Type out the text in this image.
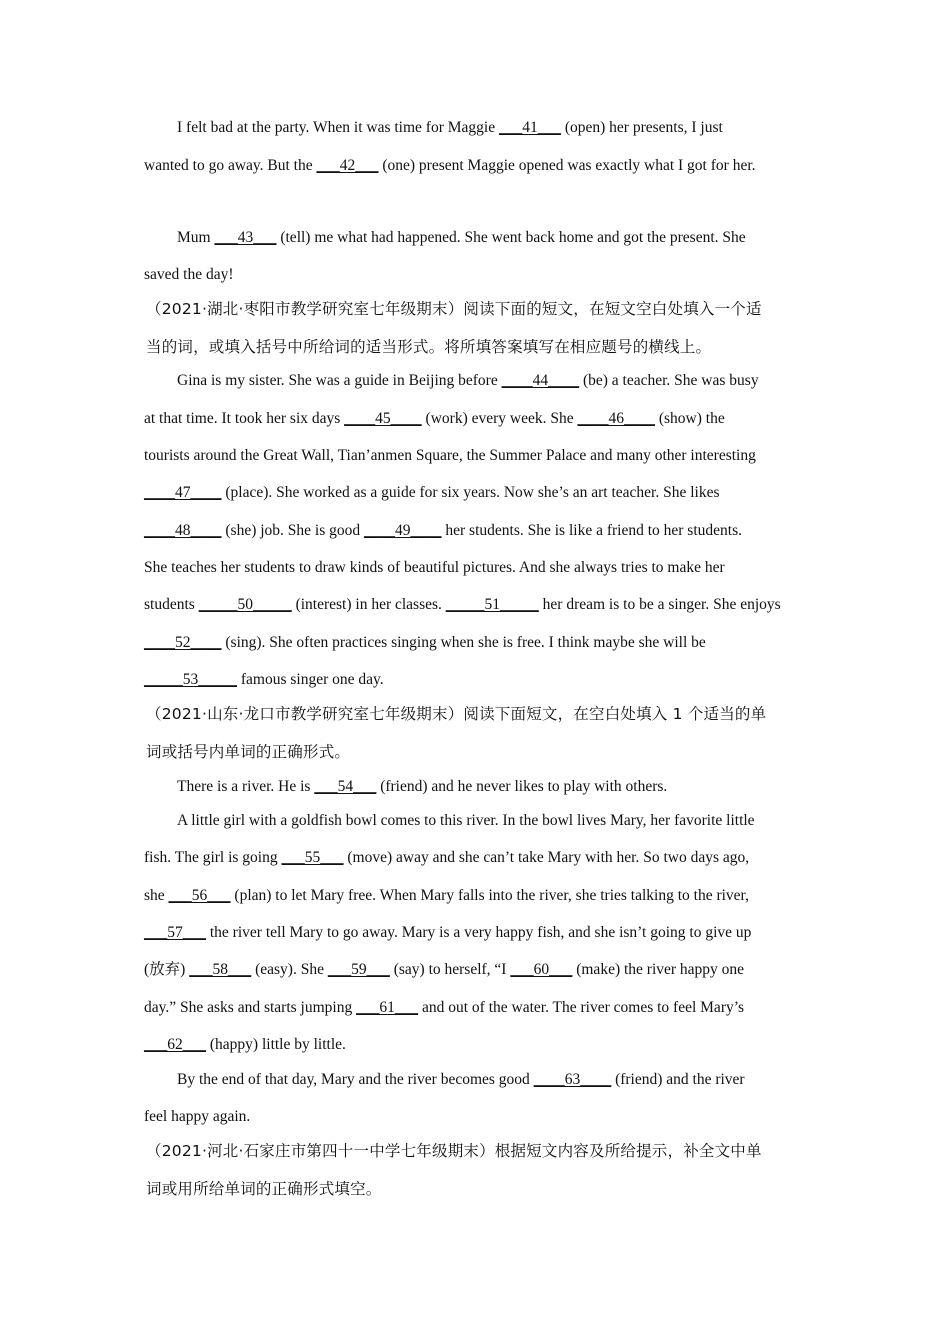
I felt bad at the party. When it was time for Maggie ___41___ (open) her presents, I just
wanted to go away. But the ___42___ (one) present Maggie opened was exactly what I got for her.
Mum ___43___ (tell) me what had happened. She went back home and got the present. She
saved the day!
（2021·湖北·枣阳市教学研究室七年级期末）阅读下面的短文，在短文空白处填入一个适
当的词，或填入括号中所给词的适当形式。将所填答案填写在相应题号的横线上。
Gina is my sister. She was a guide in Beijing before ____44____ (be) a teacher. She was busy
at that time. It took her six days ____45____ (work) every week. She ____46____ (show) the
tourists around the Great Wall, Tian’anmen Square, the Summer Palace and many other interesting
____47____ (place). She worked as a guide for six years. Now she’s an art teacher. She likes
____48____ (she) job. She is good ____49____ her students. She is like a friend to her students.
She teaches her students to draw kinds of beautiful pictures. And she always tries to make her
students _____50_____ (interest) in her classes. _____51_____ her dream is to be a singer. She enjoys
____52____ (sing). She often practices singing when she is free. I think maybe she will be
_____53_____ famous singer one day.
（2021·山东·龙口市教学研究室七年级期末）阅读下面短文，在空白处填入 1 个适当的单
词或括号内单词的正确形式。
There is a river. He is ___54___ (friend) and he never likes to play with others.
A little girl with a goldfish bowl comes to this river. In the bowl lives Mary, her favorite little
fish. The girl is going ___55___ (move) away and she can’t take Mary with her. So two days ago,
she ___56___ (plan) to let Mary free. When Mary falls into the river, she tries talking to the river,
___57___ the river tell Mary to go away. Mary is a very happy fish, and she isn’t going to give up
(放弃) ___58___ (easy). She ___59___ (say) to herself, “I ___60___ (make) the river happy one
day.” She asks and starts jumping ___61___ and out of the water. The river comes to feel Mary’s
___62___ (happy) little by little.
By the end of that day, Mary and the river becomes good ____63____ (friend) and the river
feel happy again.
（2021·河北·石家庄市第四十一中学七年级期末）根据短文内容及所给提示，补全文中单
词或用所给单词的正确形式填空。
